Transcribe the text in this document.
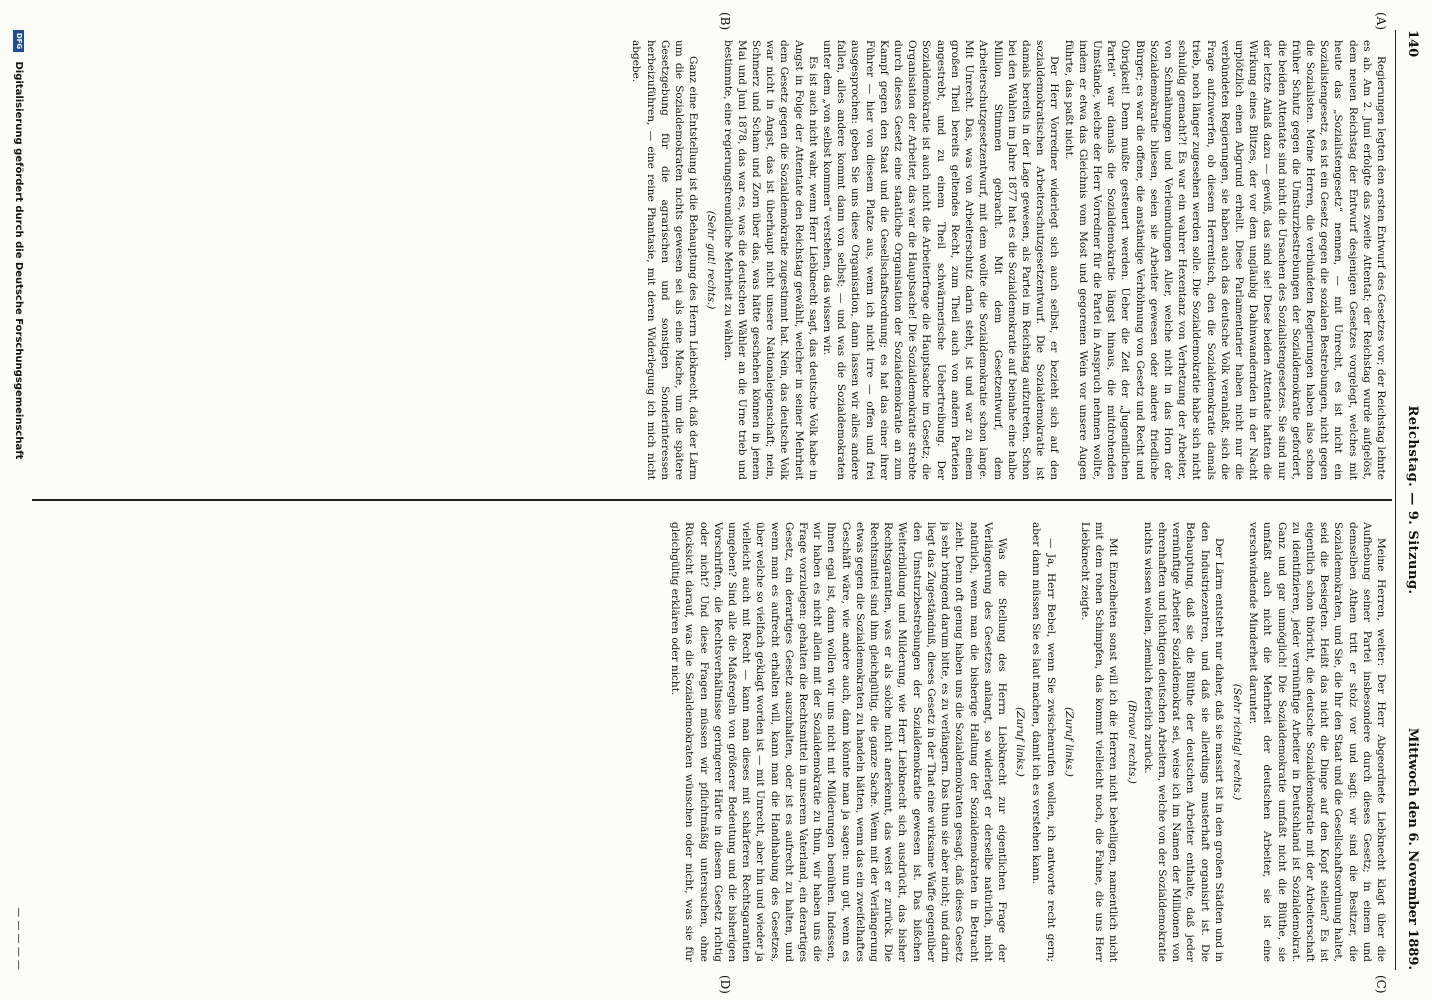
140
Reichstag. — 9. Sitzung.
Mittwoch den 6. November 1889.
(A)
(B)
(C)
(D)

Regierungen legten den ersten Entwurf des Gesetzes vor; der Reichstag lehnte es ab. Am 2. Juni erfolgte das zweite Attentat; der Reichstag wurde aufgelöst, dem neuen Reichstag der Entwurf desjenigen Gesetzes vorgelegt, welches mit heute das „Sozialistengesetz“ nennen, — mit Unrecht, es ist nicht ein Sozialistengesetz, es ist ein Gesetz gegen die sozialen Bestrebungen, nicht gegen die Sozialisten. Meine Herren, die verbündeten Regierungen haben also schon früher Schutz gegen die Umsturzbestrebungen der Sozialdemokratie gefordert, die beiden Attentate sind nicht die Ursachen des Sozialistengesetzes. Sie sind nur der letzte Anlaß dazu — gewiß, das sind sie! Diese beiden Attentate hatten die Wirkung eines Blitzes, der vor dem ungläubig Dahinwandernden in der Nacht urplötzlich einen Abgrund erhellt. Diese Parlamentarier haben nicht nur die verbündeten Regierungen, sie haben auch das deutsche Volk veranlaßt, sich die Frage aufzuwerfen, ob diesem Herrentisch, den die Sozialdemokratie damals trieb, noch länger zugesehen werden solle. Die Sozialdemokratie habe sich nicht schuldig gemacht?! Es war ein wahrer Hexentanz von Verhetzung der Arbeiter, von Schmähungen und Verleumdungen Aller, welche nicht in das Horn der Sozialdemokratie bliesen, seien sie Arbeiter gewesen oder andere friedliche Bürger; es war die offene, die anständige Verhöhnung von Gesetz und Recht und Obrigkeit! Denn mußte gesteuert werden. Ueber die Zeit der „Jugendlichen Partei“ war damals die Sozialdemokratie längst hinaus, die mitdrohenden Umstände, welche der Herr Vorredner für die Partei in Anspruch nehmen wollte, indem er etwa das Gleichnis vom Most und gegorenen Wein vor unsere Augen führte, das paßt nicht.

Der Herr Vorredner widerlegt sich auch selbst, er bezieht sich auf den sozialdemokratischen Arbeiterschutzgesetzentwurf. Die Sozialdemokratie ist damals bereits in der Lage gewesen, als Partei im Reichstag aufzutreten. Schon bei den Wahlen im Jahre 1877 hat es die Sozialdemokratie auf beinahe eine halbe Million Stimmen gebracht. Mit dem Gesetzentwurf, dem Arbeiterschutzgesetzentwurf, mit dem wollte die Sozialdemokratie schon lange. Mit Unrecht. Das, was von Arbeiterschutz darin steht, ist und war zu einem großen Theil bereits geltendes Recht, zum Theil auch von andern Parteien angestrebt, und zu einem Theil schwärmerische Uebertreibung. Der Sozialdemokratie ist auch nicht die Arbeiterfrage die Hauptsache im Gesetz; die Organisation der Arbeiter, das war die Hauptsache! Die Sozialdemokratie strebte durch dieses Gesetz eine staatliche Organisation der Sozialdemokratie an zum Kampf gegen den Staat und die Gesellschaftsordnung; es hat das einer ihrer Führer — hier von diesem Platze aus, wenn ich nicht irre — offen und frei ausgesprochen: geben Sie uns diese Organisation, dann lassen wir alles andere fallen, alles andere kommt dann von selbst; — und was die Sozialdemokraten unter dem „von selbst kommen“ verstehen, das wissen wir.

Es ist auch nicht wahr, wenn Herr Liebknecht sagt, das deutsche Volk habe in Angst in Folge der Attentate den Reichstag gewählt, welcher in seiner Mehrheit dem Gesetz gegen die Sozialdemokratie zugestimmt hat. Nein, das deutsche Volk war nicht in Angst, das ist überhaupt nicht unsere Nationaleigenschaft; nein, Schmerz und Scham und Zorn über das, was hätte geschehen können in jenem Mai und Juni 1878, das war es, was die deutschen Wähler an die Urne trieb und bestimmte, eine regierungsfreundliche Mehrheit zu wählen.

(Sehr gut! rechts.)

Ganz eine Entstellung ist die Behauptung des Herrn Liebknecht, daß der Lärm um die Sozialdemokraten nichts gewesen sei als eine Mache, um die spätere Gesetzgebung für die agrarischen und sonstigen Sonderinteressen herbeizuführen, — eine reine Phantasie, mit deren Widerlegung ich mich nicht abgebe.

Meine Herren, weiter: Der Herr Abgeordnete Liebknecht klagt über die Aufhebung seiner Partei insbesondere durch dieses Gesetz; in einem und demselben Athem tritt er stolz vor und sagt: wir sind die Besitzer, die Sozialdemokraten, und Sie, die Ihr den Staat und die Gesellschaftsordnung haltet, seid die Besiegten. Heißt das nicht die Dinge auf den Kopf stellen? Es ist eigentlich schon thöricht, die deutsche Sozialdemokratie mit der Arbeiterschaft zu identifizieren, jeder vernünftige Arbeiter in Deutschland ist Sozialdemokrat. Ganz und gar unmöglich! Die Sozialdemokratie umfaßt nicht die Blüthe, sie umfaßt auch nicht die Mehrheit der deutschen Arbeiter, sie ist eine verschwindende Minderheit darunter.

(Sehr richtig! rechts.)

Der Lärm entsteht nur daher, daß sie massirt ist in den großen Städten und in den Industriezentren, und daß sie allerdings musterhaft organisirt ist. Die Behauptung, daß sie die Blüthe der deutschen Arbeiter enthalte, daß jeder vernünftige Arbeiter Sozialdemokrat sei, weise ich im Namen der Millionen von ehrenhaften und tüchtigen deutschen Arbeitern, welche von der Sozialdemokratie nichts wissen wollen, ziemlich feierlich zurück.

(Bravo! rechts.)

Mit Einzelheiten sonst will ich die Herren nicht behelligen, namentlich nicht mit dem rohen Schimpfen, das kommt vielleicht noch, die Fahne, die uns Herr Liebknecht zeigte.

(Zuruf links.)

— Ja, Herr Bebel, wenn Sie zwischenrufen wollen, ich antworte recht gern; aber dann müssen Sie es laut machen, damit ich es verstehen kann.

(Zuruf links.)

Was die Stellung des Herrn Liebknecht zur eigentlichen Frage der Verlängerung des Gesetzes anlangt, so widerlegt er derselbe natürlich, nicht natürlich, wenn man die bisherige Haltung der Sozialdemokraten in Betracht zieht. Denn oft genug haben uns die Sozialdemokraten gesagt, daß dieses Gesetz ja sehr bringend darum bitte, es zu verlängern. Das thun sie aber nicht; und darin liegt das Zugeständniß, dieses Gesetz in der That eine wirksame Waffe gegenüber den Umsturzbestrebungen der Sozialdemokratie gewesen ist. Das bißchen Weiterbildung und Milderung, wie Herr Liebknecht sich ausdrückt, das bisher Rechtsgarantien, was er als solche nicht anerkennt, das weist er zurück. Die Rechtsmittel sind ihm gleichgültig, die ganze Sache. Wenn mit der Verlängerung etwas gegen die Sozialdemokraten zu handeln hätten, wenn das ein zweifelhaftes Geschäft wäre, wie andere auch, dann könnte man ja sagen: nun gut, wenn es Ihnen egal ist, dann wollen wir uns nicht mit Milderungen bemühen. Indessen, wir haben es nicht allein mit der Sozialdemokratie zu thun, wir haben uns die Frage vorzulegen: gehalten die Rechtsmittel in unserem Vaterland, ein derartiges Gesetz, ein derartiges Gesetz auszuhalten, oder ist es aufrecht zu halten, und wenn man es aufrecht erhalten will, kann man die Handhabung des Gesetzes, über welche so vielfach geklagt worden ist — mit Unrecht, aber hin und wieder ja vielleicht auch mit Recht — kann man dieses mit schärferen Rechtsgarantien umgeben? Sind alle die Maßregeln von größerer Bedeutung und die bisherigen Vorschriften, die Rechtsverhältnisse geringerer Härte in diesem Gesetz richtig oder nicht? Und diese Fragen müssen wir pflichtmäßig untersuchen, ohne Rücksicht darauf, was die Sozialdemokraten wünschen oder nicht, was sie für gleichgültig erklären oder nicht.

DFG Digitalisierung gefördert durch die Deutsche Forschungsgemeinschaft
— — — — —
